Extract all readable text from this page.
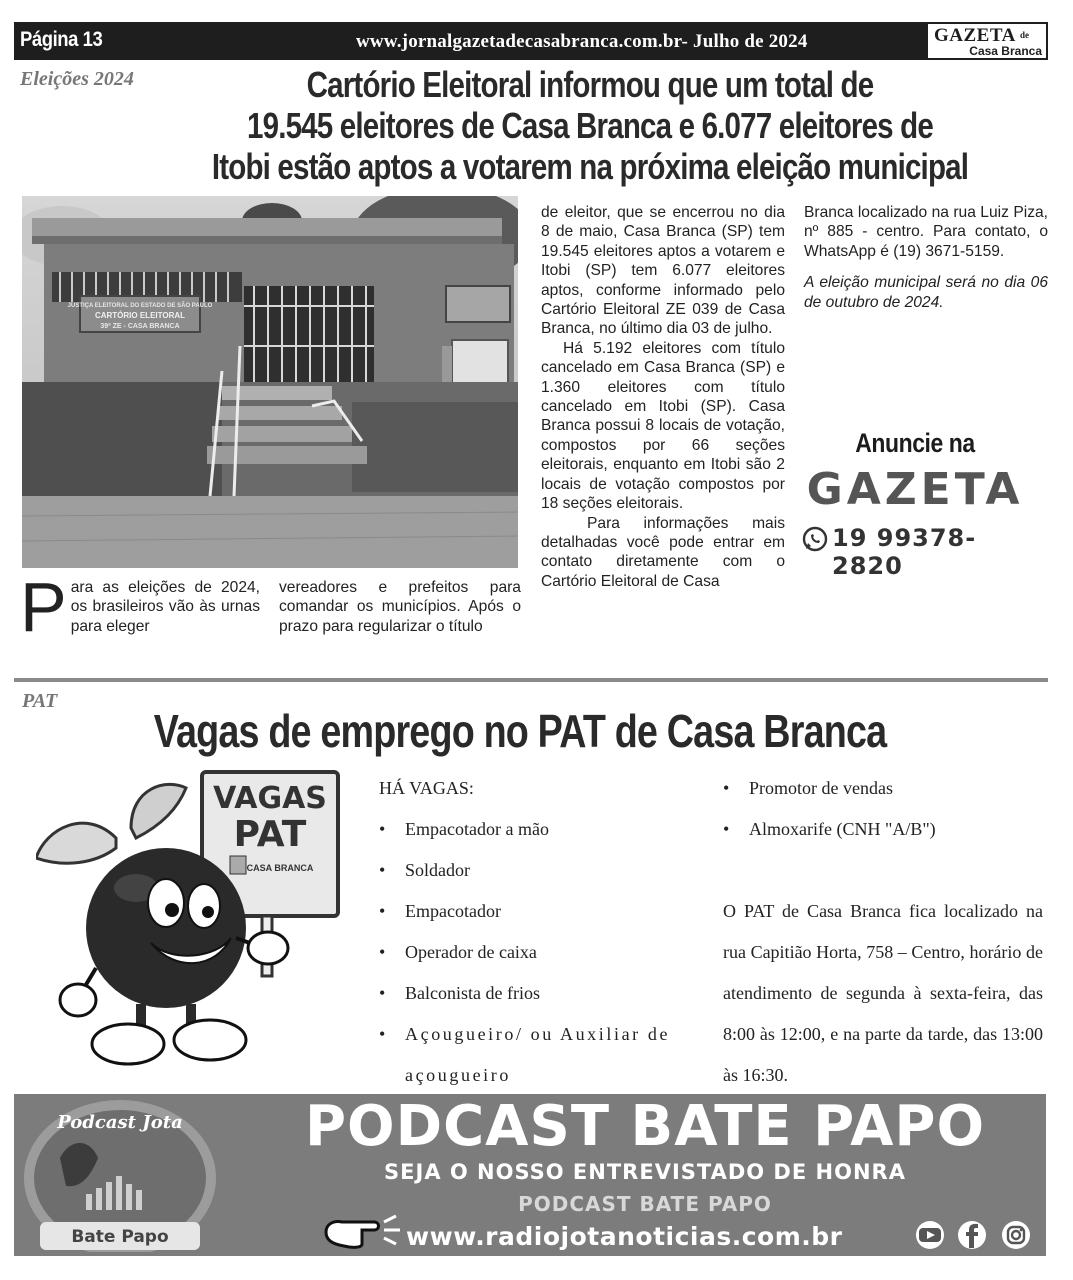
Página 13	www.jornalgazetadecasabranca.com.br- Julho de 2024	GAZETA de
Casa Branca
Eleições 2024	Cartório Eleitoral informou que um total de
19.545 eleitores de Casa Branca e 6.077 eleitores de
Itobi estão aptos a votarem na próxima eleição municipal
JUSTIÇA ELEITORAL DO ESTADO DE SÃO PAULO
CARTÓRIO ELEITORAL
39ª ZE - CASA BRANCA
P ara as eleições de 2024, os brasileiros vão às urnas para eleger

vereadores e prefeitos para comandar os municípios. Após o prazo para regularizar o título

de eleitor, que se encerrou no dia 8 de maio, Casa Branca (SP) tem 19.545 eleitores aptos a votarem e Itobi (SP) tem 6.077 eleitores aptos, conforme informado pelo Cartório Eleitoral ZE 039 de Casa Branca, no último dia 03 de julho.

Há 5.192 eleitores com título cancelado em Casa Branca (SP) e 1.360 eleitores com título cancelado em Itobi (SP). Casa Branca possui 8 locais de votação, compostos por 66 seções eleitorais, enquanto em Itobi são 2 locais de votação compostos por 18 seções eleitorais.

Para informações mais detalhadas você pode entrar em contato diretamente com o Cartório Eleitoral de Casa

Branca localizado na rua Luiz Piza, nº 885 - centro. Para contato, o WhatsApp é (19) 3671-5159.

A eleição municipal será no dia 06 de outubro de 2024.

Anuncie na
GAZETA
19 99378-2820
PAT
Vagas de emprego no PAT de Casa Branca
VAGAS
PAT
CASA BRANCA
HÁ VAGAS:
• Empacotador a mão
• Soldador
• Empacotador
• Operador de caixa
• Balconista de frios
• Açougueiro/ ou Auxiliar de açougueiro
• Promotor de vendas
• Almoxarife (CNH "A/B")
O PAT de Casa Branca fica localizado na rua Capitião Horta, 758 – Centro, horário de atendimento de segunda à sexta-feira, das 8:00 às 12:00, e na parte da tarde, das 13:00 às 16:30.
Podcast Jota
Bate Papo
PODCAST BATE PAPO
SEJA O NOSSO ENTREVISTADO DE HONRA
PODCAST BATE PAPO
www.radiojotanoticias.com.br
